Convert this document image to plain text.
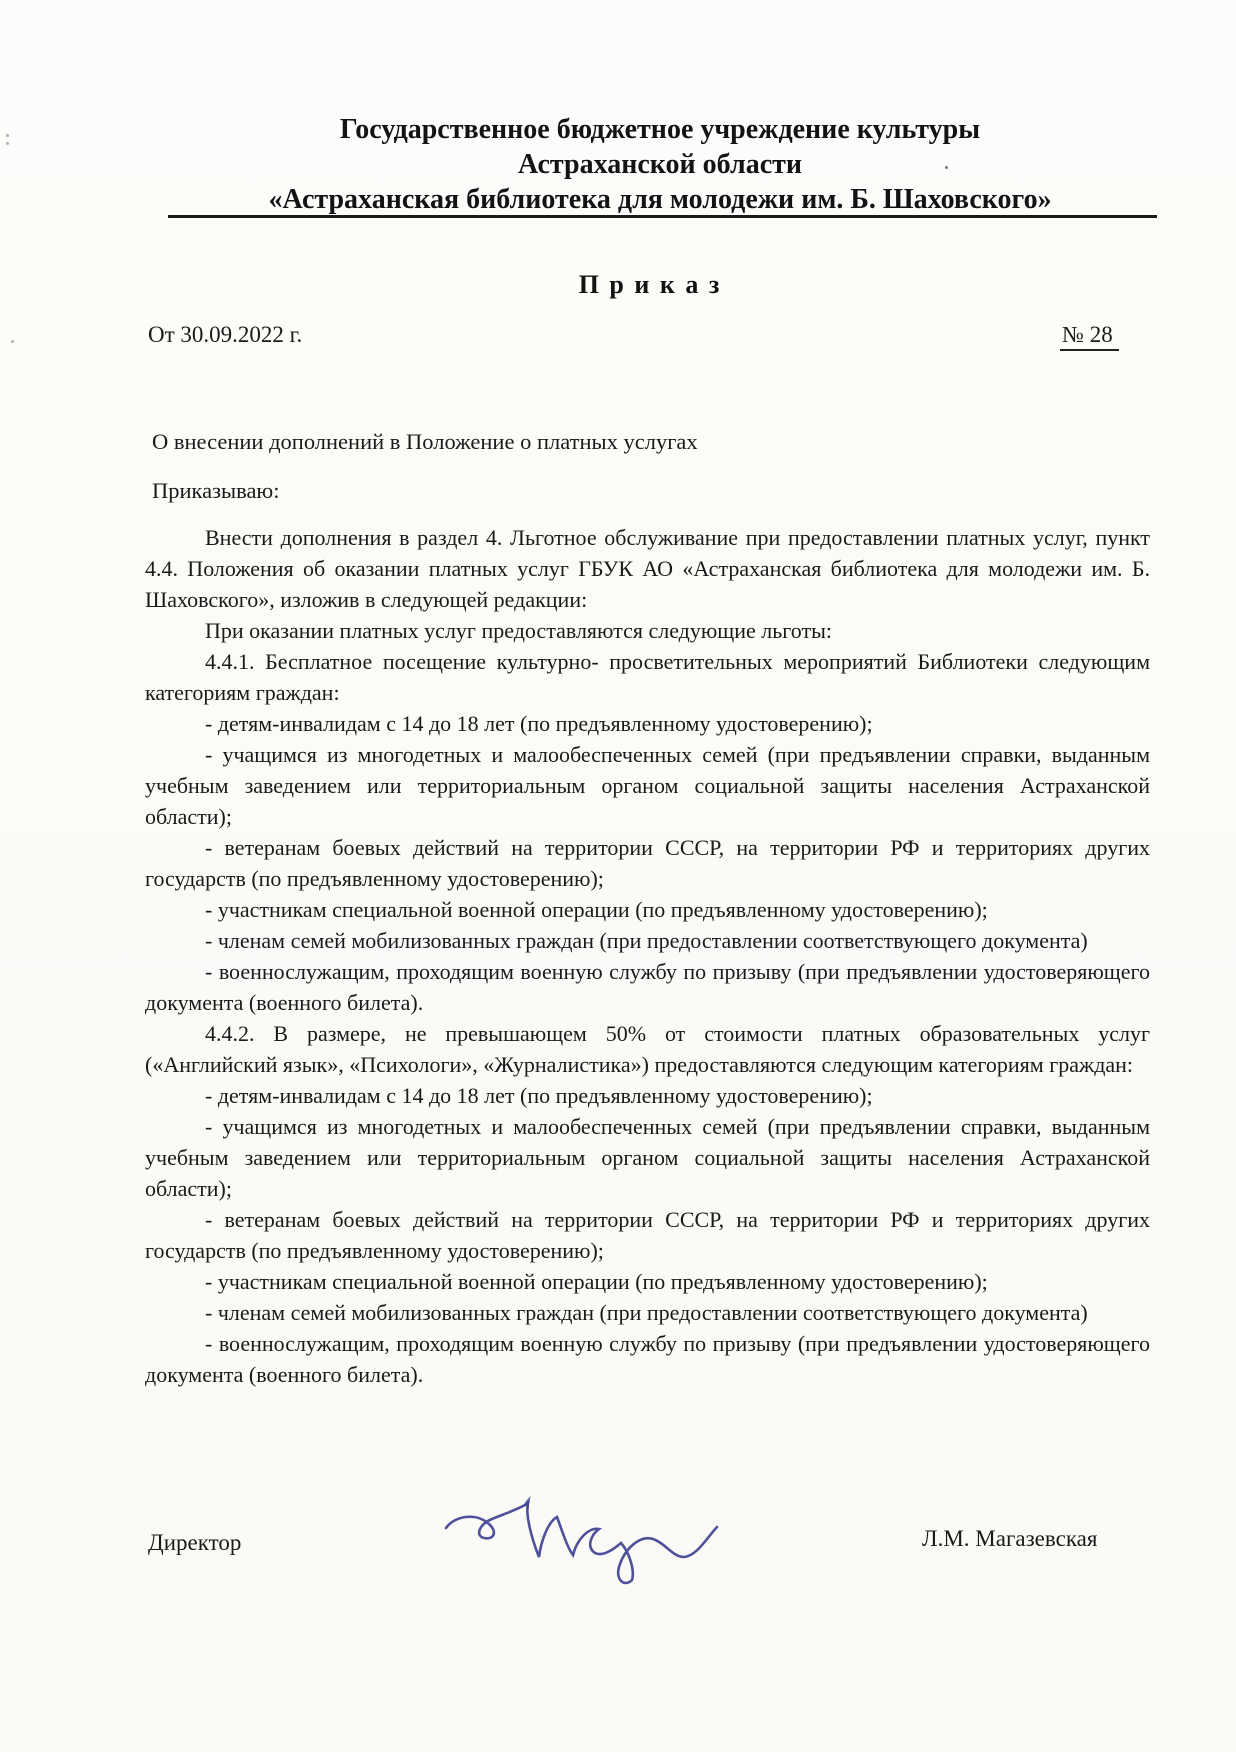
Государственное бюджетное учреждение культуры
Астраханской области
«Астраханская библиотека для молодежи им. Б. Шаховского»
П р и к а з
От 30.09.2022 г.	№ 28
О внесении дополнений в Положение о платных услугах
Приказываю:

Внести дополнения в раздел 4. Льготное обслуживание при предоставлении платных услуг, пункт 4.4. Положения об оказании платных услуг ГБУК АО «Астраханская библиотека для молодежи им. Б. Шаховского», изложив в следующей редакции:

При оказании платных услуг предоставляются следующие льготы:

4.4.1. Бесплатное посещение культурно- просветительных мероприятий Библиотеки следующим категориям граждан:

- детям-инвалидам с 14 до 18 лет (по предъявленному удостоверению);

- учащимся из многодетных и малообеспеченных семей (при предъявлении справки, выданным учебным заведением или территориальным органом социальной защиты населения Астраханской области);

- ветеранам боевых действий на территории СССР, на территории РФ и территориях других государств (по предъявленному удостоверению);

- участникам специальной военной операции (по предъявленному удостоверению);

- членам семей мобилизованных граждан (при предоставлении соответствующего документа)

- военнослужащим, проходящим военную службу по призыву (при предъявлении удостоверяющего документа (военного билета).

4.4.2. В размере, не превышающем 50% от стоимости платных образовательных услуг («Английский язык», «Психологи», «Журналистика») предоставляются следующим категориям граждан:

- детям-инвалидам с 14 до 18 лет (по предъявленному удостоверению);

- учащимся из многодетных и малообеспеченных семей (при предъявлении справки, выданным учебным заведением или территориальным органом социальной защиты населения Астраханской области);

- ветеранам боевых действий на территории СССР, на территории РФ и территориях других государств (по предъявленному удостоверению);

- участникам специальной военной операции (по предъявленному удостоверению);

- членам семей мобилизованных граждан (при предоставлении соответствующего документа)

- военнослужащим, проходящим военную службу по призыву (при предъявлении удостоверяющего документа (военного билета).

Директор	Л.М. Магазевская
